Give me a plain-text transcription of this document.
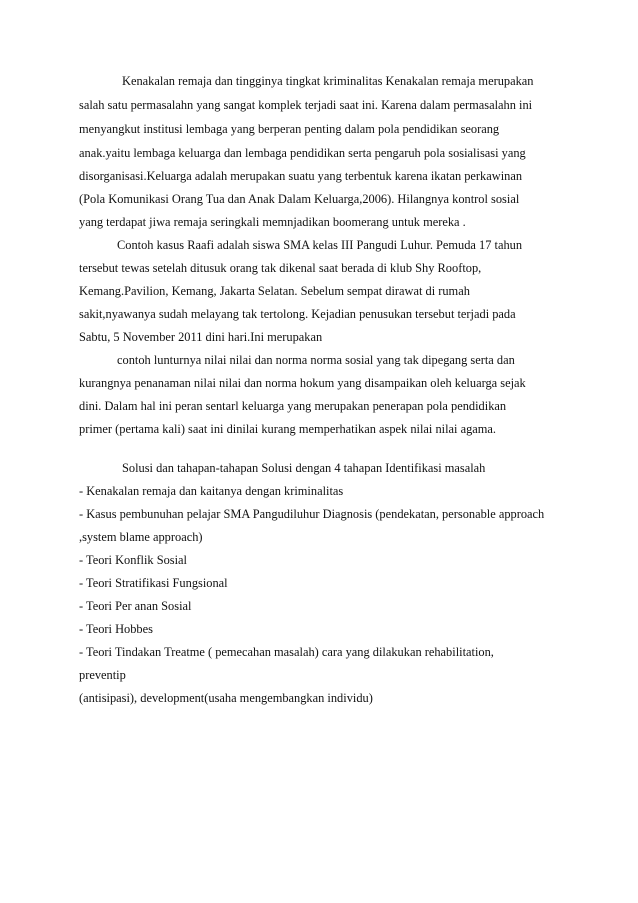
Kenakalan remaja dan tingginya tingkat kriminalitas Kenakalan remaja merupakan
salah satu permasalahn yang sangat komplek terjadi saat ini. Karena dalam permasalahn ini
menyangkut institusi lembaga yang berperan penting dalam pola pendidikan seorang
anak.yaitu lembaga keluarga dan lembaga pendidikan serta pengaruh pola sosialisasi yang
disorganisasi.Keluarga adalah merupakan suatu yang terbentuk karena ikatan perkawinan
(Pola Komunikasi Orang Tua dan Anak Dalam Keluarga,2006). Hilangnya kontrol sosial
yang terdapat jiwa remaja seringkali memnjadikan boomerang untuk mereka .
Contoh kasus Raafi adalah siswa SMA kelas III Pangudi Luhur. Pemuda 17 tahun
tersebut tewas setelah ditusuk orang tak dikenal saat berada di klub Shy Rooftop,
Kemang.Pavilion, Kemang, Jakarta Selatan. Sebelum sempat dirawat di rumah
sakit,nyawanya sudah melayang tak tertolong. Kejadian penusukan tersebut terjadi pada
Sabtu, 5 November 2011 dini hari.Ini merupakan
contoh lunturnya nilai nilai dan norma norma sosial yang tak dipegang serta dan
kurangnya penanaman nilai nilai dan norma hokum yang disampaikan oleh keluarga sejak
dini. Dalam hal ini peran sentarl keluarga yang merupakan penerapan pola pendidikan
primer (pertama kali) saat ini dinilai kurang memperhatikan aspek nilai nilai agama.
Solusi dan tahapan-tahapan Solusi dengan 4 tahapan Identifikasi masalah
- Kenakalan remaja dan kaitanya dengan kriminalitas
- Kasus pembunuhan pelajar SMA Pangudiluhur Diagnosis (pendekatan, personable approach
,system blame approach)
- Teori Konflik Sosial
- Teori Stratifikasi Fungsional
- Teori Per anan Sosial
- Teori Hobbes
- Teori Tindakan Treatme ( pemecahan masalah) cara yang dilakukan rehabilitation,
preventip
(antisipasi), development(usaha mengembangkan individu)
